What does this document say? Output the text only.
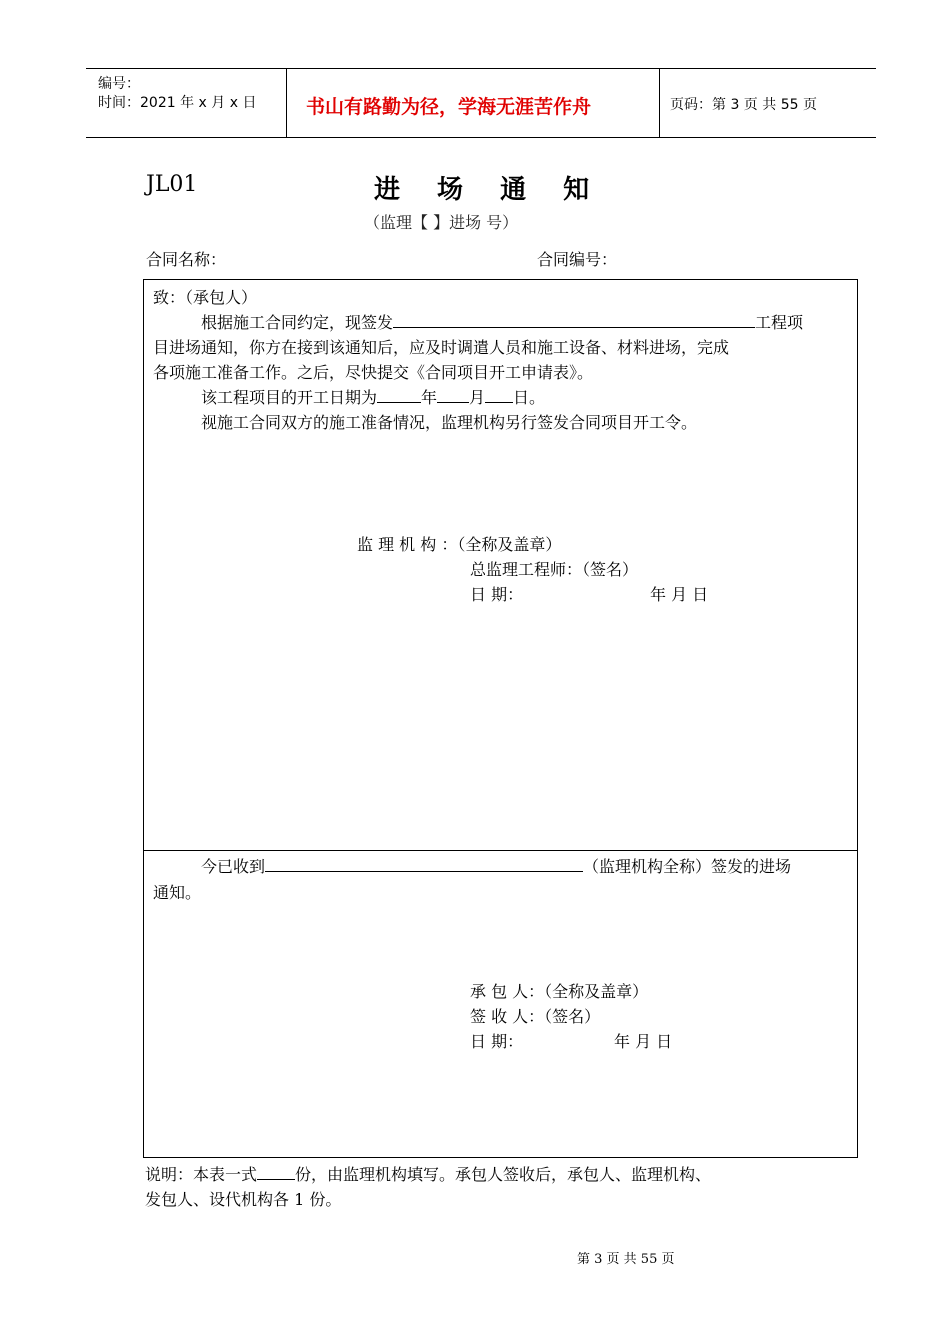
编号：
时间：2021 年 x 月 x 日	书山有路勤为径，学海无涯苦作舟	页码：第 3 页 共 55 页
JL01	进 场 通 知
（监理【 】进场 号）
合同名称：	合同编号：
致：（承包人）
根据施工合同约定，现签发	工程项
目进场通知，你方在接到该通知后，应及时调遣人员和施工设备、材料进场，完成
各项施工准备工作。之后，尽快提交《合同项目开工申请表》。
该工程项目的开工日期为	年 月 日。
视施工合同双方的施工准备情况，监理机构另行签发合同项目开工令。
监 理 机 构 ：（全称及盖章）
总监理工程师：（签名）
日 期：	年 月 日
今已收到	（监理机构全称）签发的进场
通知。
承 包 人：（全称及盖章）
签 收 人：（签名）
日 期：	年 月 日
说明：本表一式 份，由监理机构填写。承包人签收后，承包人、监理机构、
发包人、设代机构各 1 份。
第 3 页 共 55 页
